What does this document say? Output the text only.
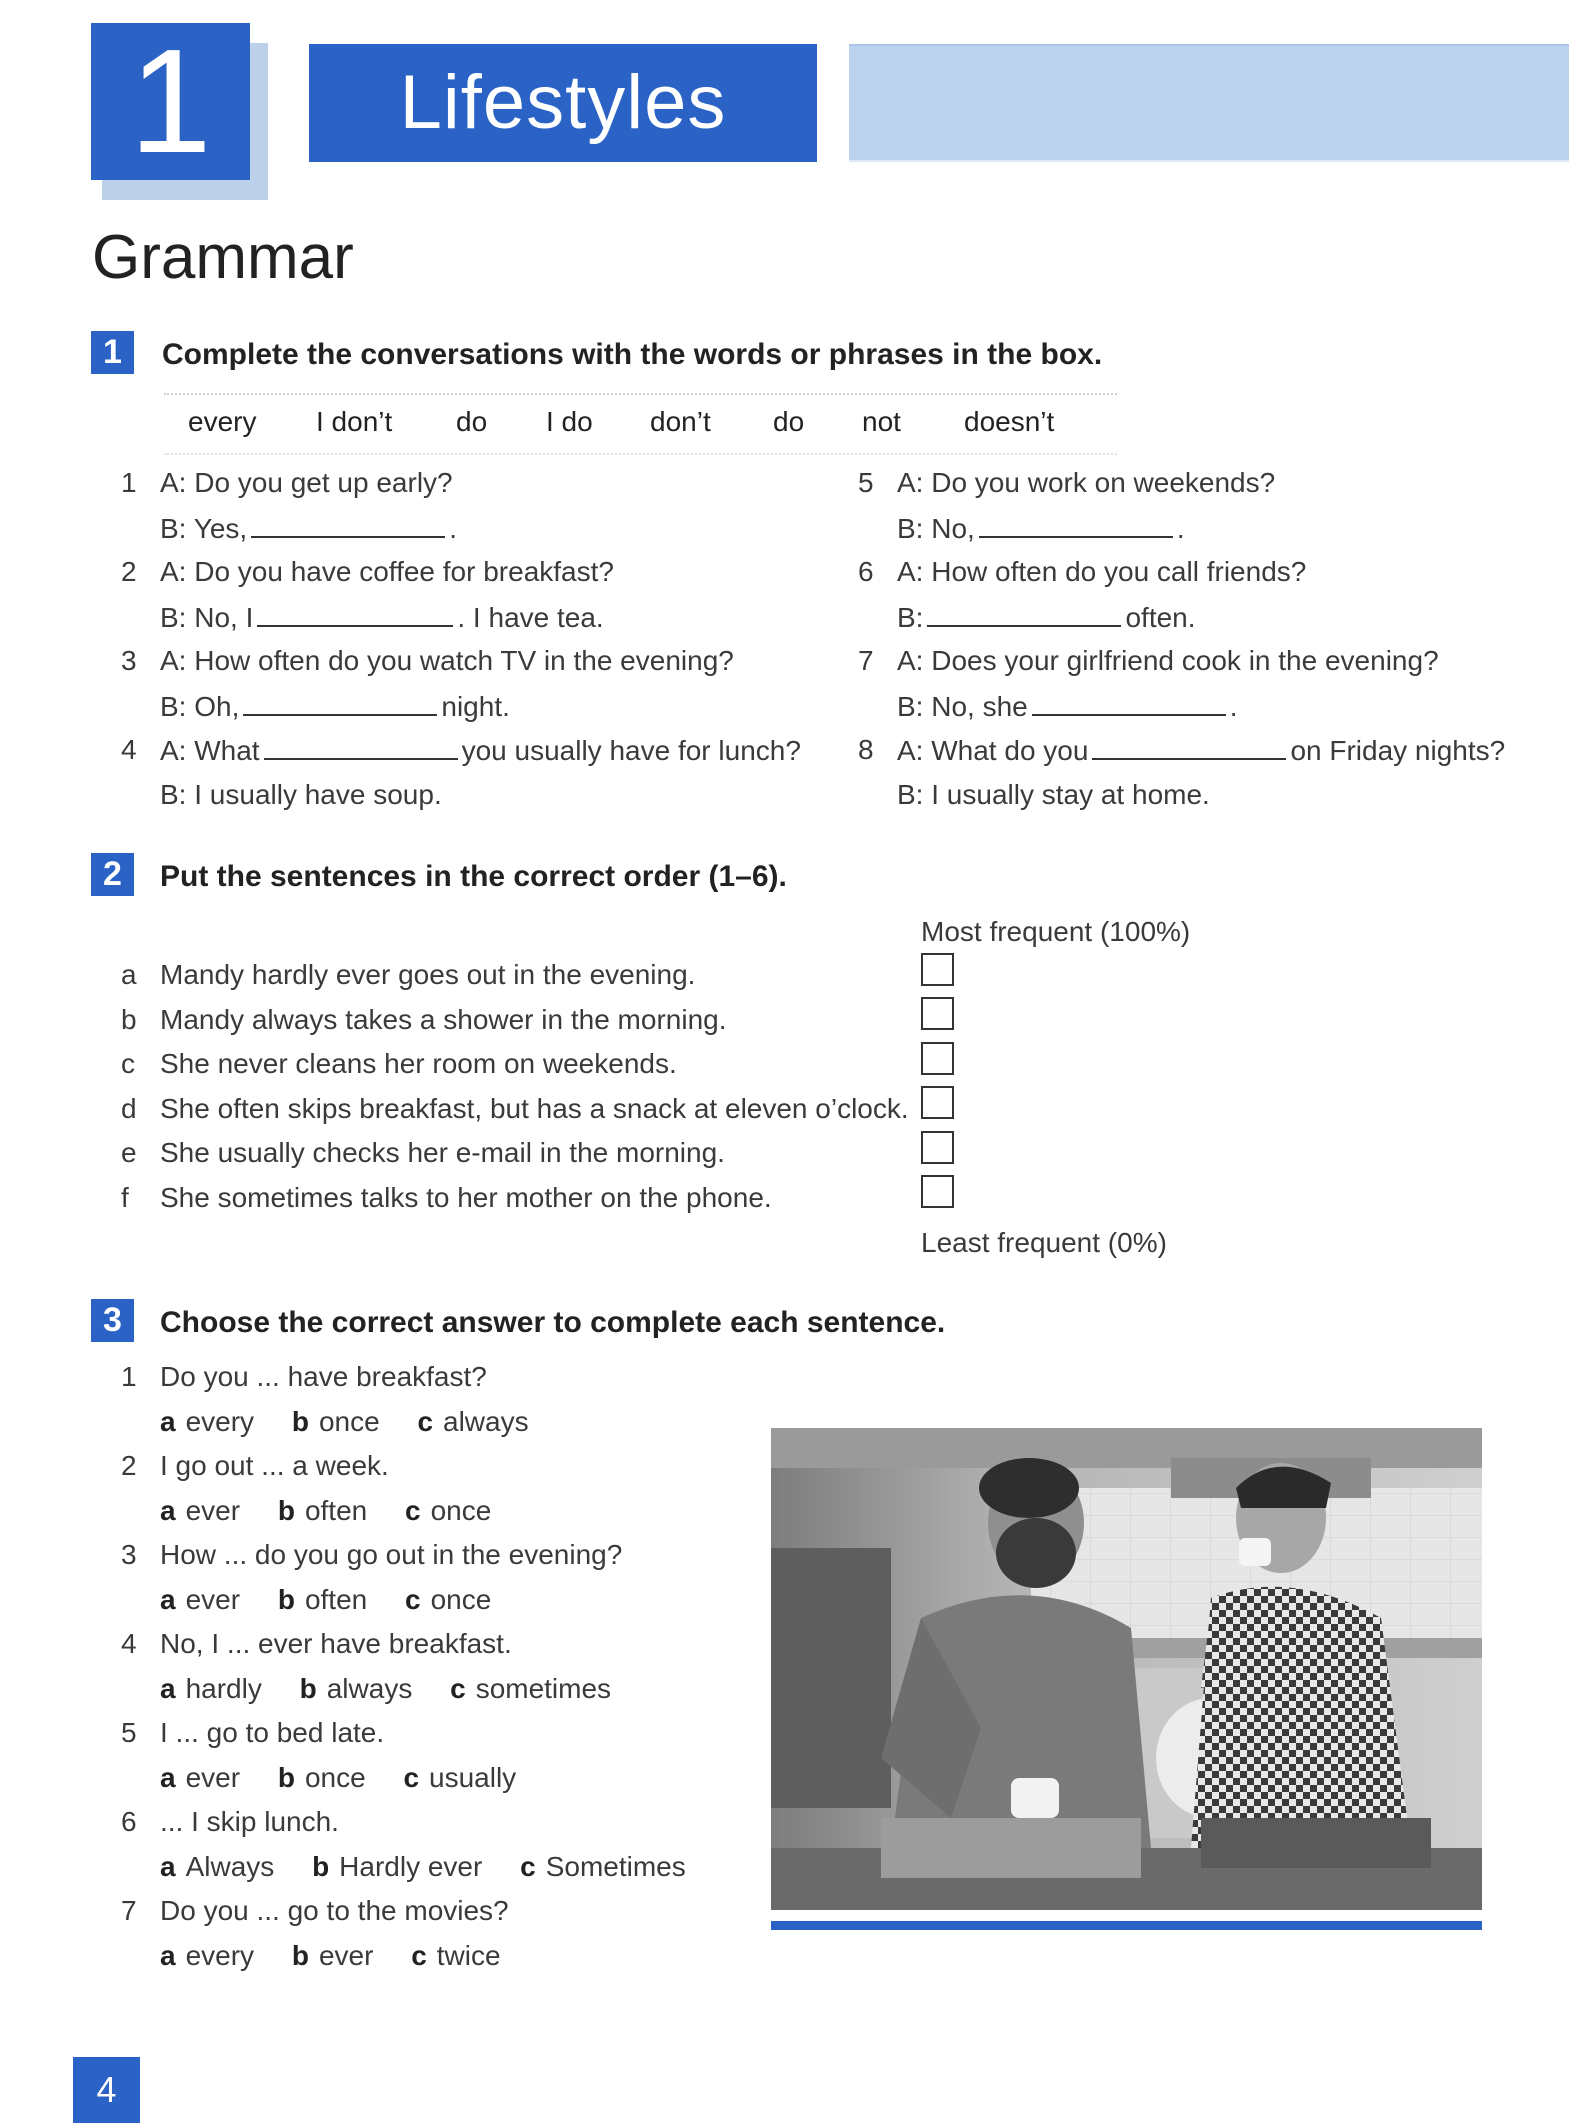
1	Lifestyles
Grammar
1	Complete the conversations with the words or phrases in the box.
every I don’t do I do don’t do not doesn’t
1 A: Do you get up early?
B: Yes,	.
2 A: Do you have coffee for breakfast?
B: No, I	. I have tea.
3 A: How often do you watch TV in the evening?
B: Oh,	night.
4 A: What	you usually have for lunch?
B: I usually have soup.
5 A: Do you work on weekends?
B: No,	.
6 A: How often do you call friends?
B:	often.
7 A: Does your girlfriend cook in the evening?
B: No, she	.
8 A: What do you	on Friday nights?
B: I usually stay at home.
2	Put the sentences in the correct order (1–6).
Most frequent (100%)
Least frequent (0%)
a Mandy hardly ever goes out in the evening.
b Mandy always takes a shower in the morning.
c She never cleans her room on weekends.
d She often skips breakfast, but has a snack at eleven o’clock.
e She usually checks her e-mail in the morning.
f She sometimes talks to her mother on the phone.
3	Choose the correct answer to complete each sentence.
1 Do you ... have breakfast?
a every b once c always
2 I go out ... a week.
a ever b often c once
3 How ... do you go out in the evening?
a ever b often c once
4 No, I ... ever have breakfast.
a hardly b always c sometimes
5 I ... go to bed late.
a ever b once c usually
6 ... I skip lunch.
a Always b Hardly ever c Sometimes
7 Do you ... go to the movies?
a every b ever c twice
4
